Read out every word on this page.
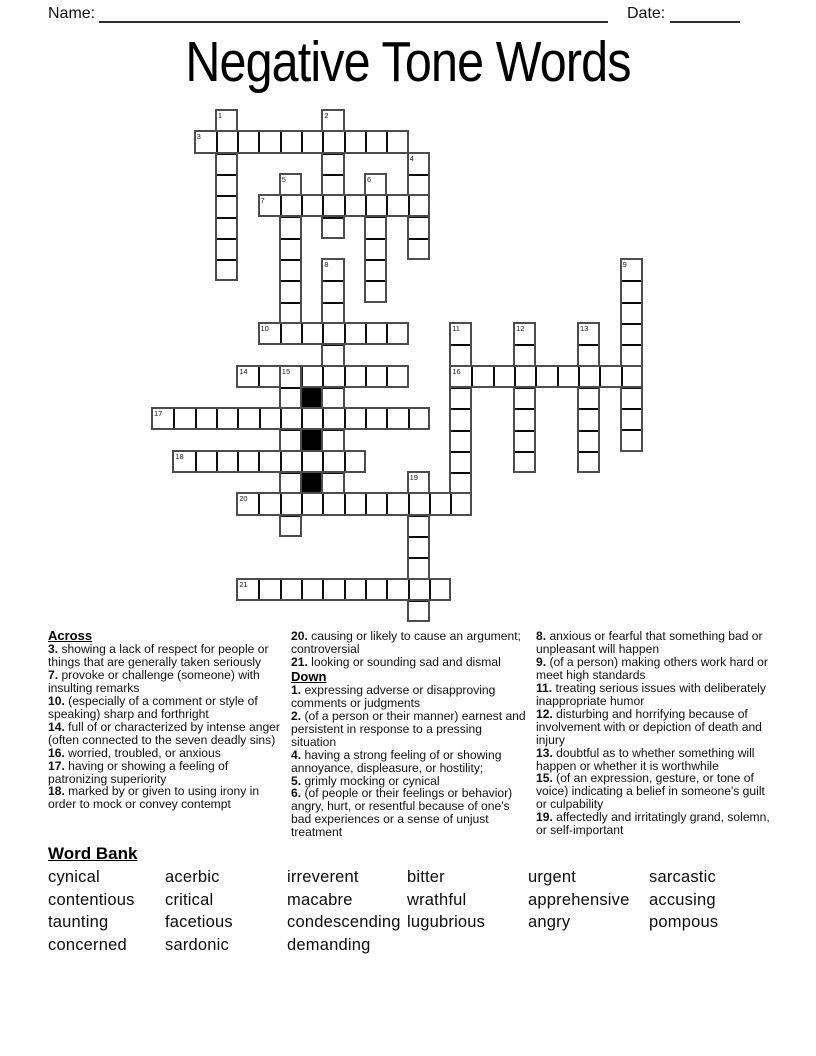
Name:	Date:
Negative Tone Words
1	2
3
4
5	6
7
8	9
10	11	12	13
14	15	16
17
18
19
20
21
Across
3. showing a lack of respect for people or things that are generally taken seriously
7. provoke or challenge (someone) with insulting remarks
10. (especially of a comment or style of speaking) sharp and forthright
14. full of or characterized by intense anger (often connected to the seven deadly sins)
16. worried, troubled, or anxious
17. having or showing a feeling of patronizing superiority
18. marked by or given to using irony in order to mock or convey contempt
20. causing or likely to cause an argument; controversial
21. looking or sounding sad and dismal
Down
1. expressing adverse or disapproving comments or judgments
2. (of a person or their manner) earnest and persistent in response to a pressing situation
4. having a strong feeling of or showing annoyance, displeasure, or hostility;
5. grimly mocking or cynical
6. (of people or their feelings or behavior) angry, hurt, or resentful because of one's bad experiences or a sense of unjust treatment
8. anxious or fearful that something bad or unpleasant will happen
9. (of a person) making others work hard or meet high standards
11. treating serious issues with deliberately inappropriate humor
12. disturbing and horrifying because of involvement with or depiction of death and injury
13. doubtful as to whether something will happen or whether it is worthwhile
15. (of an expression, gesture, or tone of voice) indicating a belief in someone's guilt or culpability
19. affectedly and irritatingly grand, solemn, or self-important
Word Bank
cynical	acerbic	irreverent	bitter	urgent	sarcastic
contentious	critical	macabre	wrathful	apprehensive	accusing
taunting	facetious	condescending lugubrious	angry	pompous
concerned	sardonic	demanding
